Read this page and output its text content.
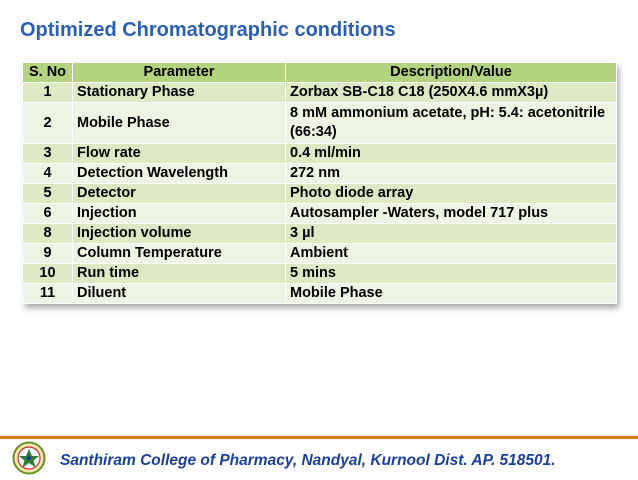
Optimized Chromatographic conditions
S. No	Parameter	Description/Value
1	Stationary Phase	Zorbax SB-C18 C18 (250X4.6 mmX3µ)
2	Mobile Phase	8 mM ammonium acetate, pH: 5.4: acetonitrile (66:34)
3	Flow rate	0.4 ml/min
4	Detection Wavelength	272 nm
5	Detector	Photo diode array
6	Injection	Autosampler -Waters, model 717 plus
8	Injection volume	3 µl
9	Column Temperature	Ambient
10	Run time	5 mins
11	Diluent	Mobile Phase
Santhiram College of Pharmacy, Nandyal, Kurnool Dist. AP. 518501.
